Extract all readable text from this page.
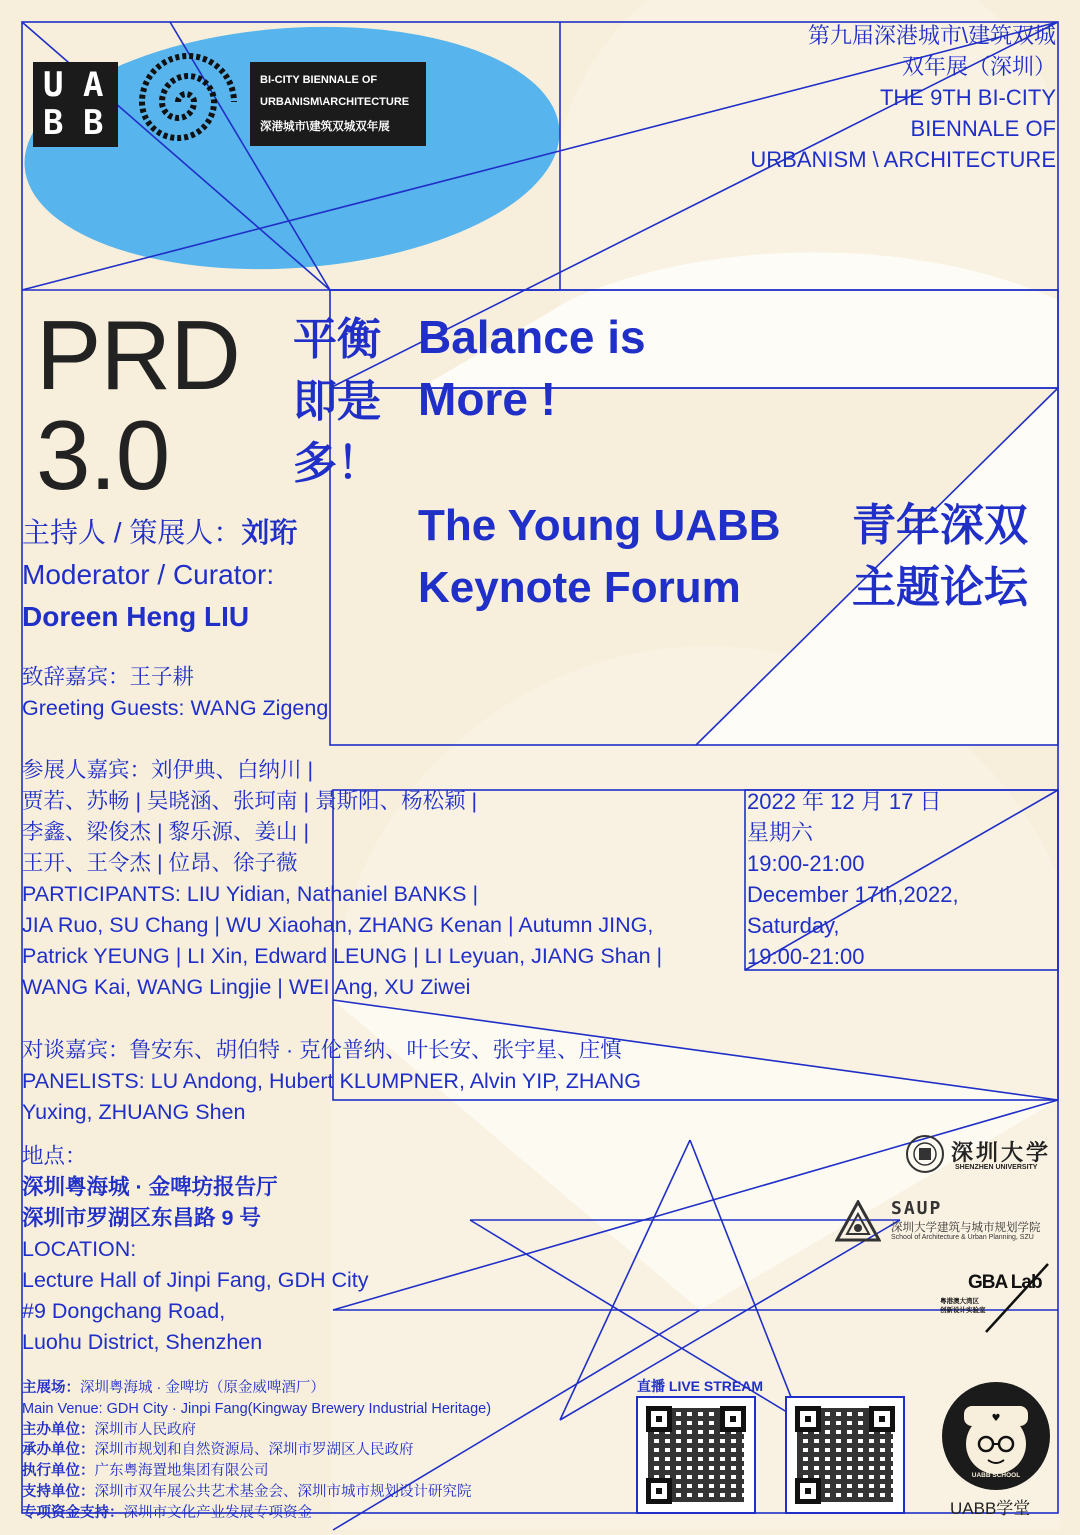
U A
B B
BI-CITY BIENNALE OF
URBANISM\ARCHITECTURE
深港城市\建筑双城双年展
第九届深港城市\建筑双城
双年展（深圳）
THE 9TH BI-CITY
BIENNALE OF
URBANISM \ ARCHITECTURE
PRD
3.0
平衡
即是
多！
Balance is
More !
The Young UABB
Keynote Forum
青年深双
主题论坛
主持人 / 策展人：刘珩
Moderator / Curator:
Doreen Heng LIU
致辞嘉宾：王子耕
Greeting Guests: WANG Zigeng
参展人嘉宾：刘伊典、白纳川 |
贾若、苏畅 | 吴晓涵、张珂南 | 景斯阳、杨松颖 |
李鑫、梁俊杰 | 黎乐源、姜山 |
王开、王令杰 | 位昂、徐子薇
PARTICIPANTS: LIU Yidian, Nathaniel BANKS |
JIA Ruo, SU Chang | WU Xiaohan, ZHANG Kenan | Autumn JING,
Patrick YEUNG | LI Xin, Edward LEUNG | LI Leyuan, JIANG Shan |
WANG Kai, WANG Lingjie | WEI Ang, XU Ziwei
2022 年 12 月 17 日
星期六
19:00-21:00
December 17th,2022,
Saturday,
19:00-21:00
对谈嘉宾：鲁安东、胡伯特 · 克伦普纳、叶长安、张宇星、庄慎
PANELISTS: LU Andong, Hubert KLUMPNER, Alvin YIP, ZHANG
Yuxing, ZHUANG Shen
地点：
深圳粤海城 · 金啤坊报告厅
深圳市罗湖区东昌路 9 号
LOCATION:
Lecture Hall of Jinpi Fang, GDH City
#9 Dongchang Road,
Luohu District, Shenzhen
主展场：深圳粤海城 · 金啤坊（原金威啤酒厂）
Main Venue: GDH City · Jinpi Fang(Kingway Brewery Industrial Heritage)
主办单位：深圳市人民政府
承办单位：深圳市规划和自然资源局、深圳市罗湖区人民政府
执行单位：广东粤海置地集团有限公司
支持单位：深圳市双年展公共艺术基金会、深圳市城市规划设计研究院
专项资金支持：深圳市文化产业发展专项资金
直播 LIVE STREAM
深圳大学
SHENZHEN UNIVERSITY
SAUP
深圳大学建筑与城市规划学院
School of Architecture & Urban Planning, SZU
GBA Lab
粤港澳大湾区
创新设计实验室
♥
UABB SCHOOL
UABB学堂
